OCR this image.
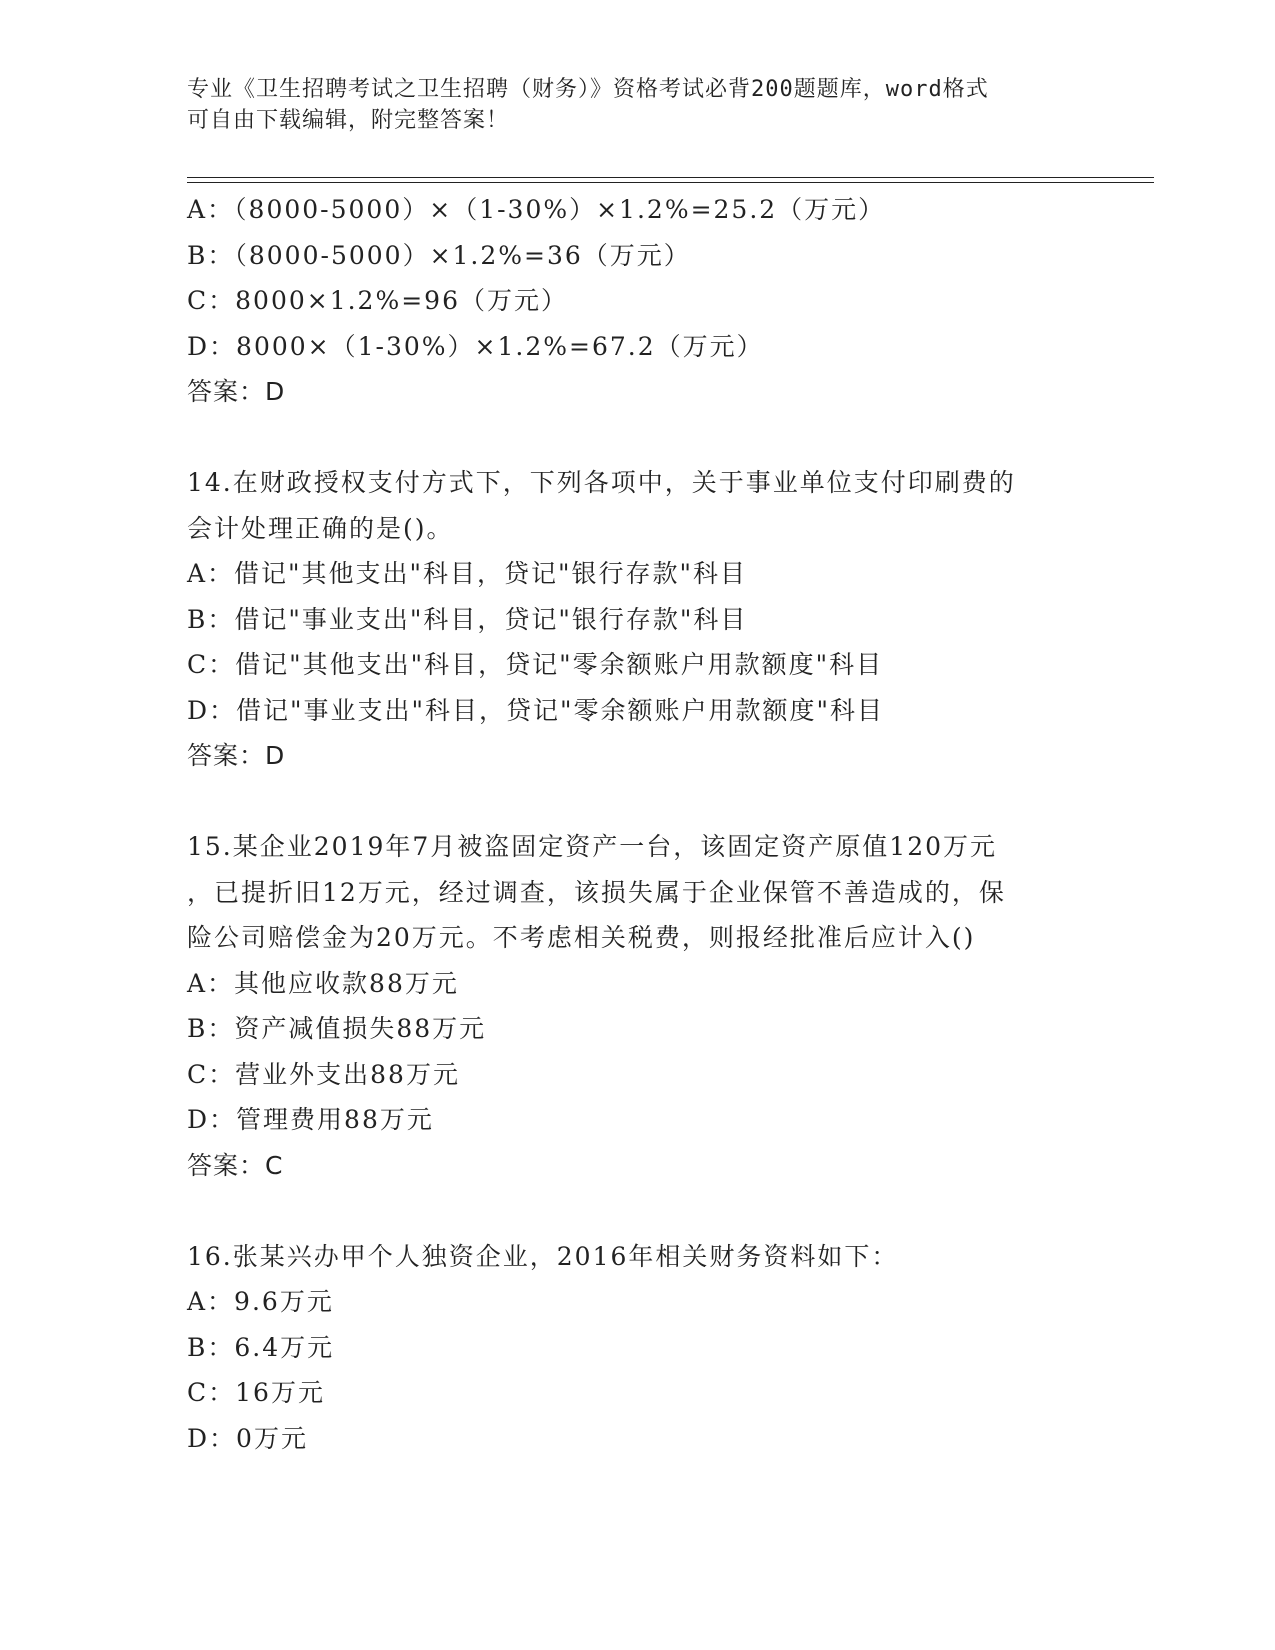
专业《卫生招聘考试之卫生招聘（财务）》资格考试必背200题题库，word格式
可自由下载编辑，附完整答案！
A：（8000-5000）×（1-30%）×1.2%=25.2（万元）
B：（8000-5000）×1.2%=36（万元）
C：8000×1.2%=96（万元）
D：8000×（1-30%）×1.2%=67.2（万元）
答案：D
14.在财政授权支付方式下，下列各项中，关于事业单位支付印刷费的
会计处理正确的是()。
A：借记"其他支出"科目，贷记"银行存款"科目
B：借记"事业支出"科目，贷记"银行存款"科目
C：借记"其他支出"科目，贷记"零余额账户用款额度"科目
D：借记"事业支出"科目，贷记"零余额账户用款额度"科目
答案：D
15.某企业2019年7月被盗固定资产一台，该固定资产原值120万元
，已提折旧12万元，经过调查，该损失属于企业保管不善造成的，保
险公司赔偿金为20万元。不考虑相关税费，则报经批准后应计入()
A：其他应收款88万元
B：资产减值损失88万元
C：营业外支出88万元
D：管理费用88万元
答案：C
16.张某兴办甲个人独资企业，2016年相关财务资料如下：
A：9.6万元
B：6.4万元
C：16万元
D：0万元
